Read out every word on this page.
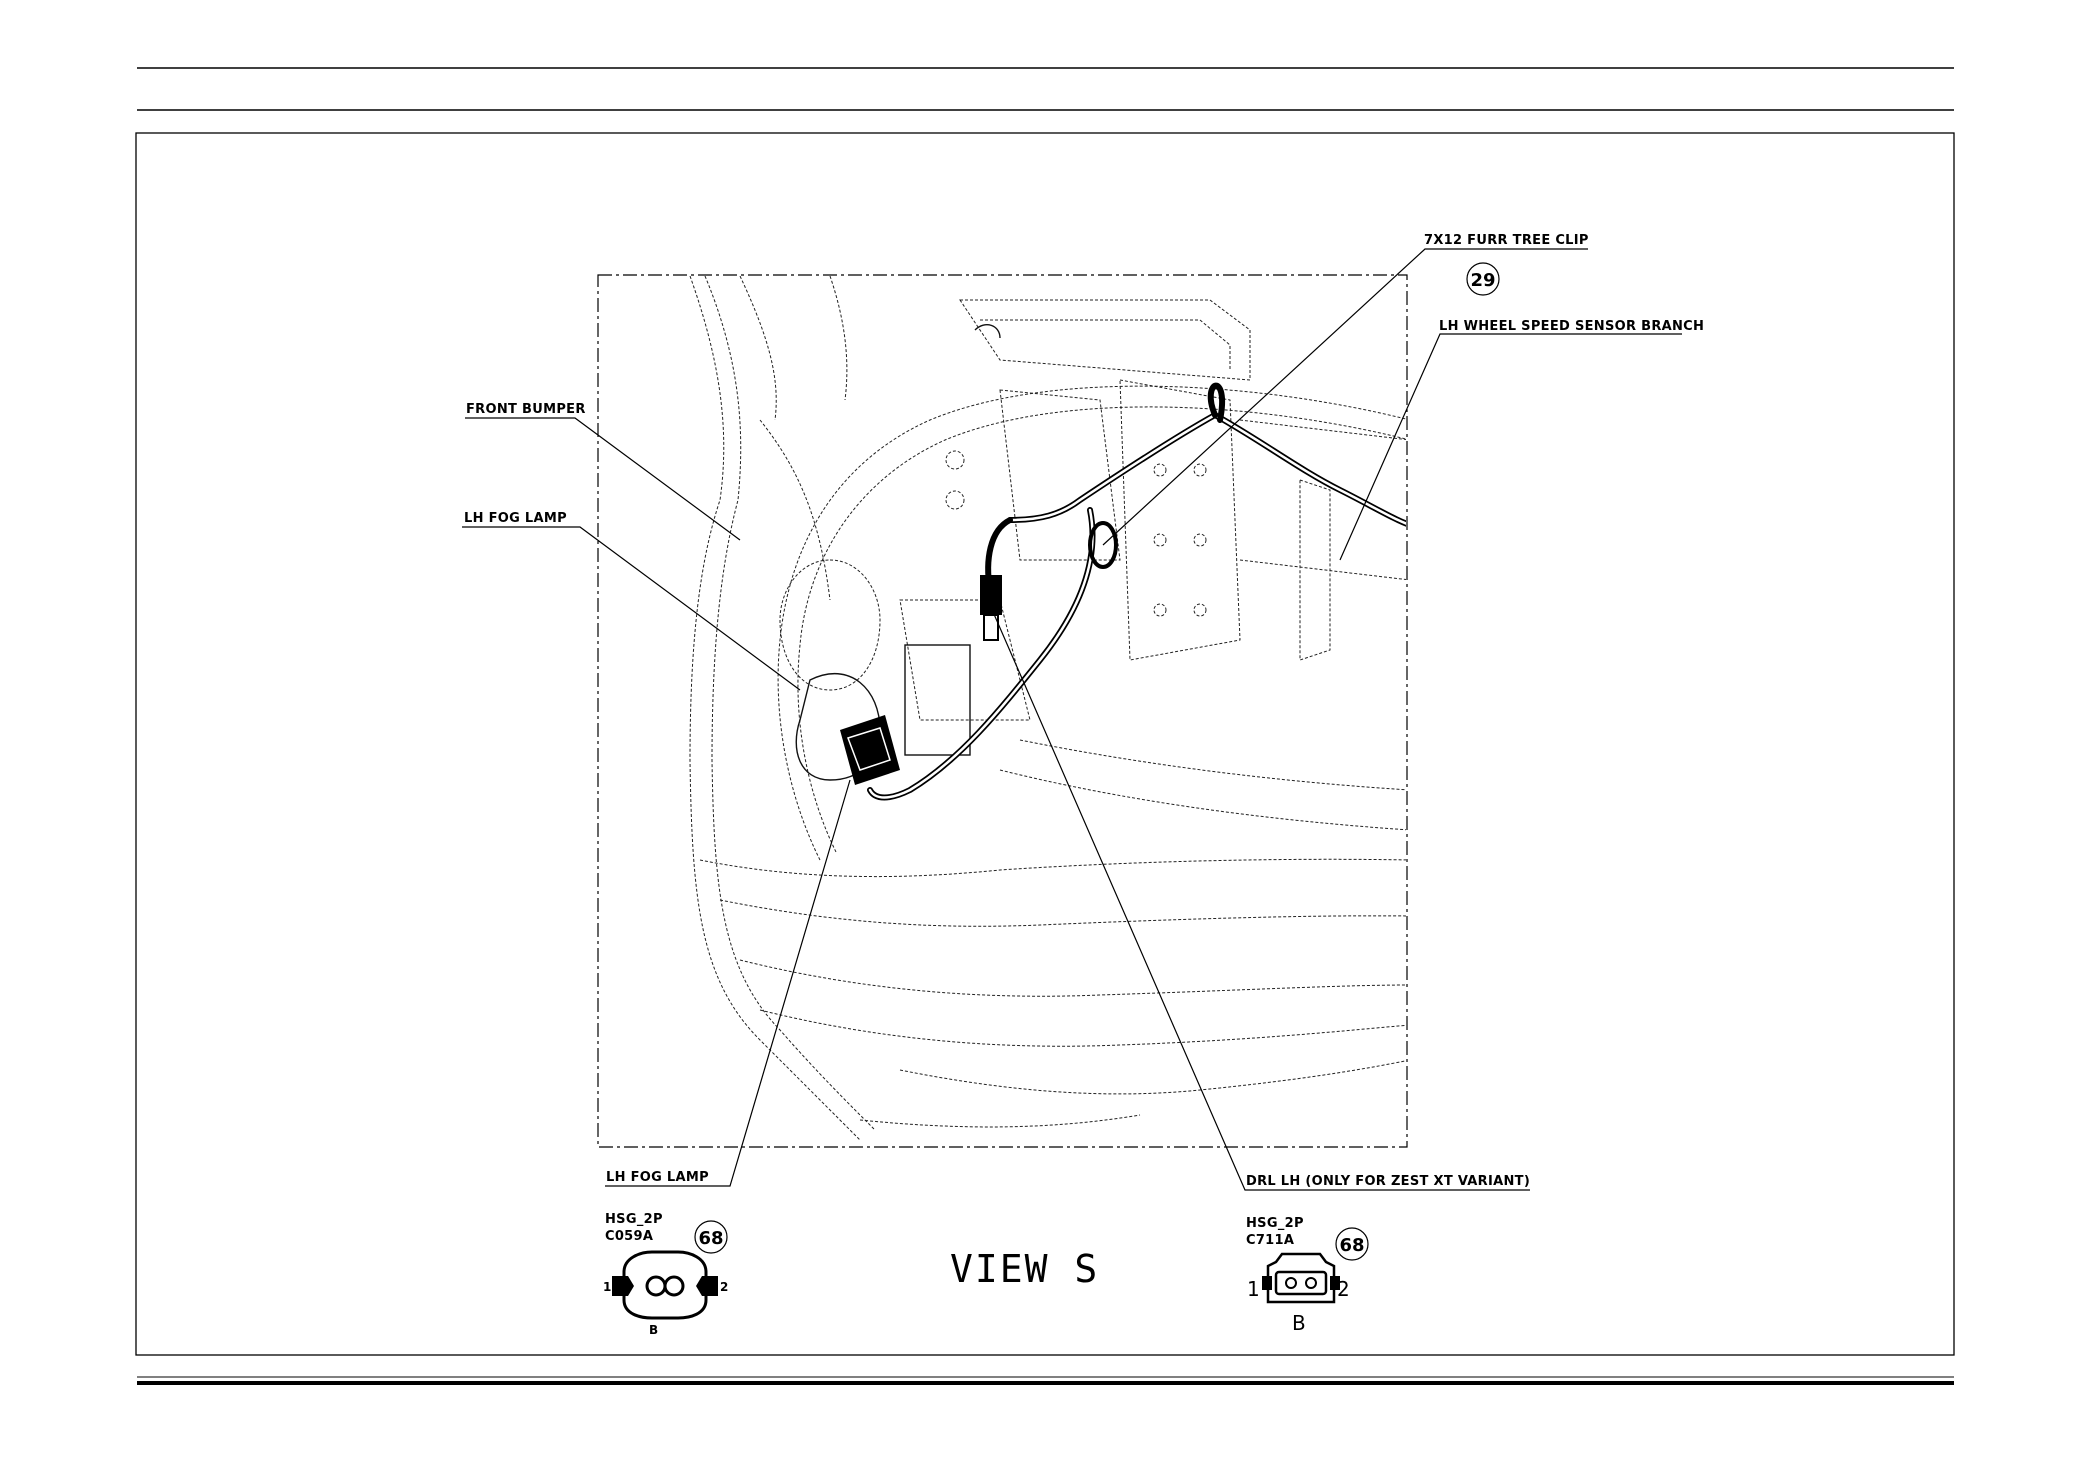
7X12 FURR TREE CLIP
LH WHEEL SPEED SENSOR BRANCH
FRONT BUMPER
LH FOG LAMP
LH FOG LAMP	DRL LH (ONLY FOR ZEST XT VARIANT)
29
68	68
VIEW S
HSG_2P
C059A
1	2
B
HSG_2P
C711A
1	2
B
